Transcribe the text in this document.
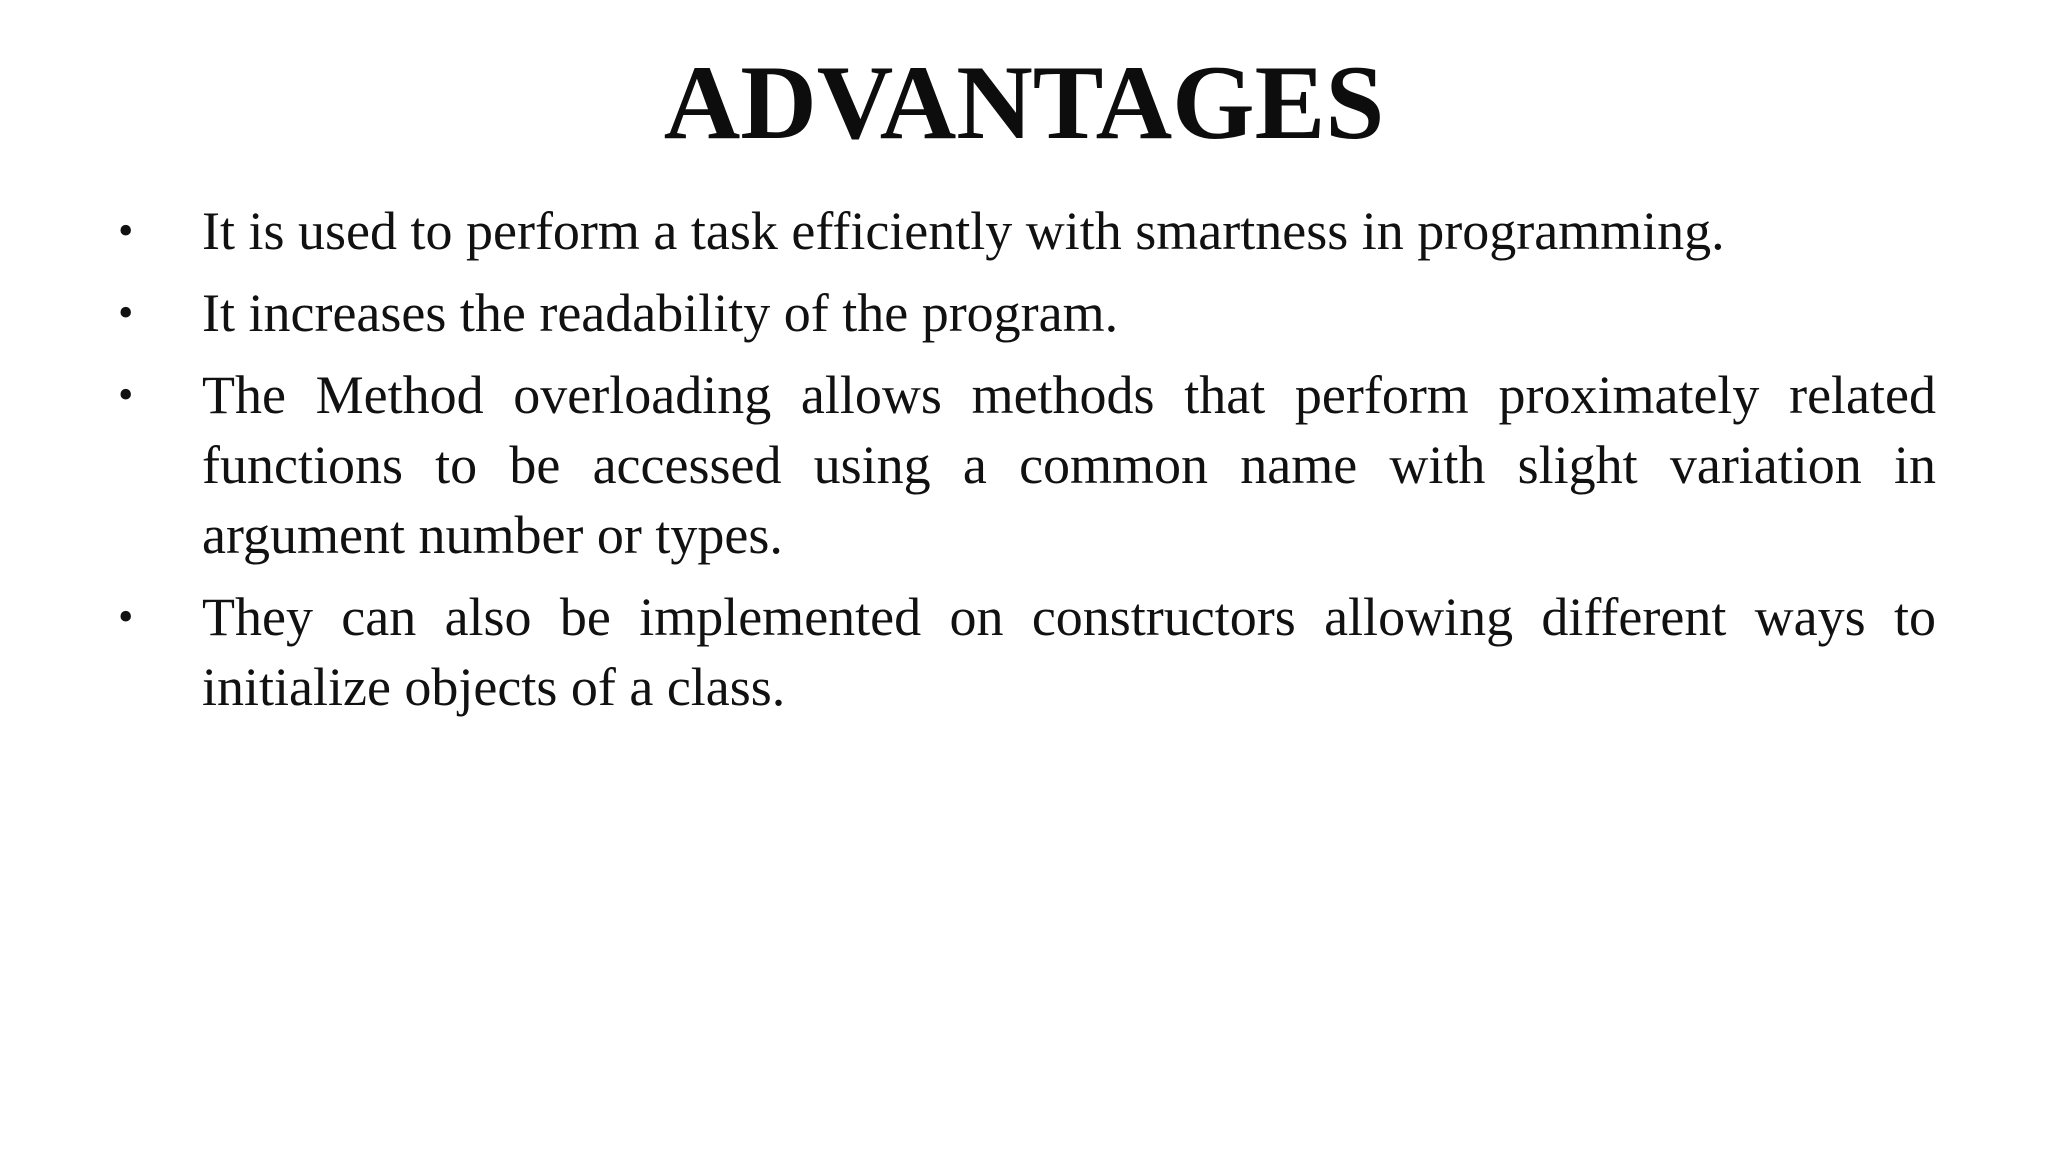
ADVANTAGES
• It is used to perform a task efficiently with smartness in programming.
• It increases the readability of the program.
• The Method overloading allows methods that perform proximately related functions to be accessed using a common name with slight variation in argument number or types.
• They can also be implemented on constructors allowing different ways to initialize objects of a class.
